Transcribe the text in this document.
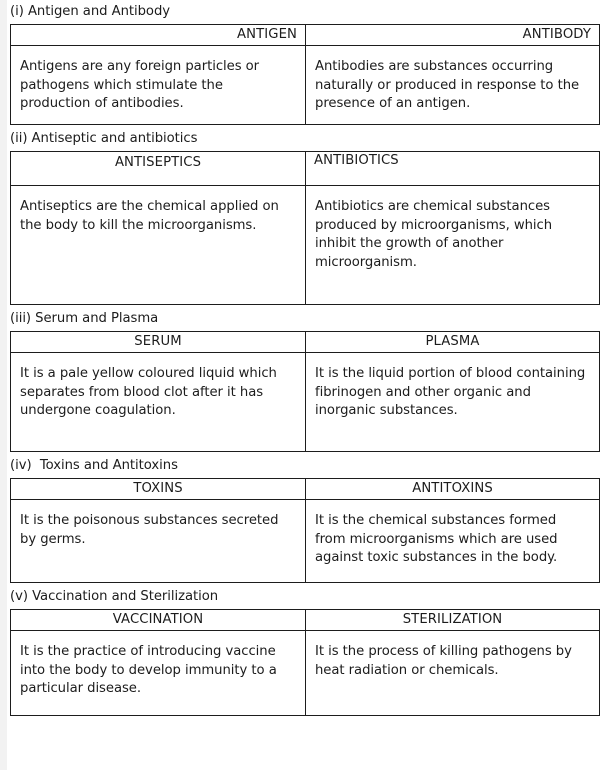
(i) Antigen and Antibody
ANTIGEN	ANTIBODY

Antigens are any foreign particles or pathogens which stimulate the production of antibodies.	Antibodies are substances occurring naturally or produced in response to the presence of an antigen.
(ii) Antiseptic and antibiotics
ANTISEPTICS	ANTIBIOTICS

Antiseptics are the chemical applied on the body to kill the microorganisms.	Antibiotics are chemical substances produced by microorganisms, which inhibit the growth of another microorganism.
(iii) Serum and Plasma
SERUM	PLASMA

It is a pale yellow coloured liquid which separates from blood clot after it has undergone coagulation.	It is the liquid portion of blood containing fibrinogen and other organic and inorganic substances.
(iv)  Toxins and Antitoxins
TOXINS	ANTITOXINS

It is the poisonous substances secreted by germs.	It is the chemical substances formed from microorganisms which are used against toxic substances in the body.
(v) Vaccination and Sterilization
VACCINATION	STERILIZATION

It is the practice of introducing vaccine into the body to develop immunity to a particular disease.	It is the process of killing pathogens by heat radiation or chemicals.
